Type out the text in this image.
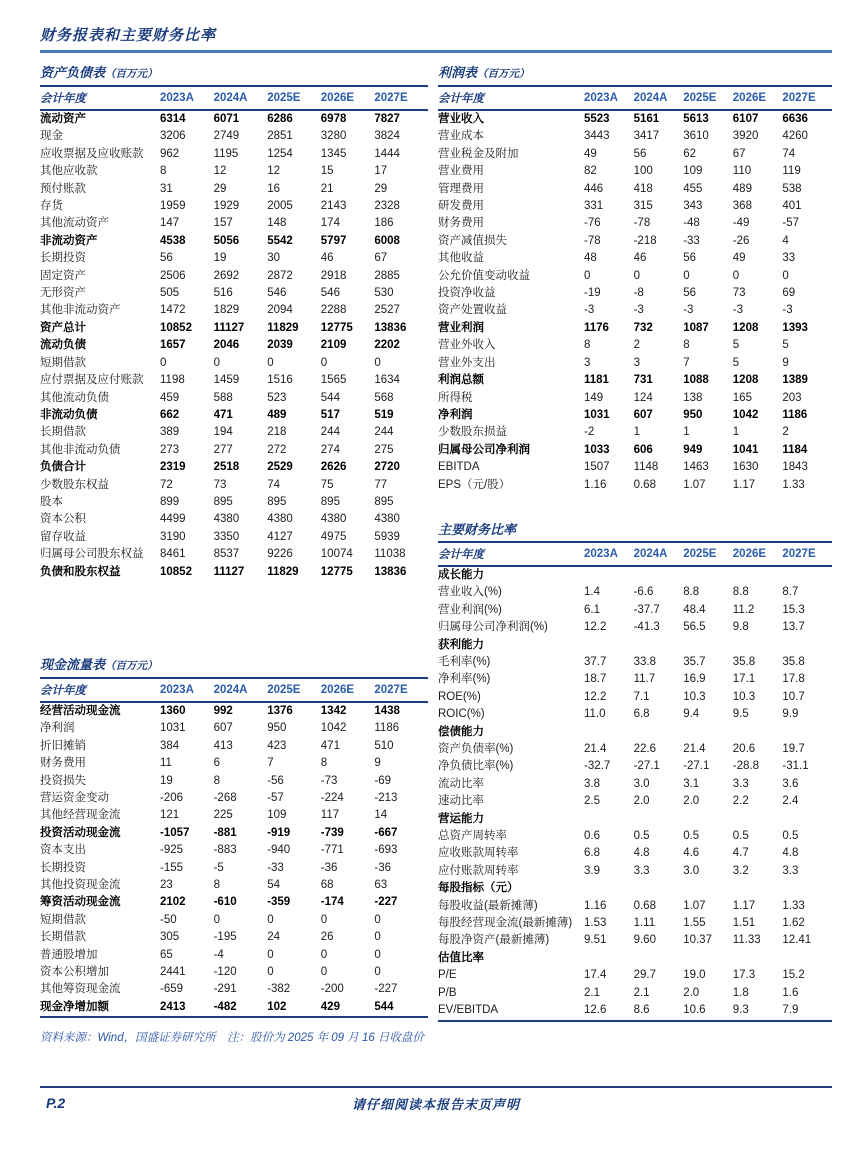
财务报表和主要财务比率
资产负债表（百万元）
会计年度	2023A	2024A	2025E	2026E	2027E
流动资产	6314	6071	6286	6978	7827
现金	3206	2749	2851	3280	3824
应收票据及应收账款	962	1195	1254	1345	1444
其他应收款	8	12	12	15	17
预付账款	31	29	16	21	29
存货	1959	1929	2005	2143	2328
其他流动资产	147	157	148	174	186
非流动资产	4538	5056	5542	5797	6008
长期投资	56	19	30	46	67
固定资产	2506	2692	2872	2918	2885
无形资产	505	516	546	546	530
其他非流动资产	1472	1829	2094	2288	2527
资产总计	10852	11127	11829	12775	13836
流动负债	1657	2046	2039	2109	2202
短期借款	0	0	0	0	0
应付票据及应付账款	1198	1459	1516	1565	1634
其他流动负债	459	588	523	544	568
非流动负债	662	471	489	517	519
长期借款	389	194	218	244	244
其他非流动负债	273	277	272	274	275
负债合计	2319	2518	2529	2626	2720
少数股东权益	72	73	74	75	77
股本	899	895	895	895	895
资本公积	4499	4380	4380	4380	4380
留存收益	3190	3350	4127	4975	5939
归属母公司股东权益	8461	8537	9226	10074	11038
负债和股东权益	10852	11127	11829	12775	13836
现金流量表（百万元）
会计年度	2023A	2024A	2025E	2026E	2027E
经营活动现金流	1360	992	1376	1342	1438
净利润	1031	607	950	1042	1186
折旧摊销	384	413	423	471	510
财务费用	11	6	7	8	9
投资损失	19	8	-56	-73	-69
营运资金变动	-206	-268	-57	-224	-213
其他经营现金流	121	225	109	117	14
投资活动现金流	-1057	-881	-919	-739	-667
资本支出	-925	-883	-940	-771	-693
长期投资	-155	-5	-33	-36	-36
其他投资现金流	23	8	54	68	63
筹资活动现金流	2102	-610	-359	-174	-227
短期借款	-50	0	0	0	0
长期借款	305	-195	24	26	0
普通股增加	65	-4	0	0	0
资本公积增加	2441	-120	0	0	0
其他筹资现金流	-659	-291	-382	-200	-227
现金净增加额	2413	-482	102	429	544
利润表（百万元）
会计年度	2023A	2024A	2025E	2026E	2027E
营业收入	5523	5161	5613	6107	6636
营业成本	3443	3417	3610	3920	4260
营业税金及附加	49	56	62	67	74
营业费用	82	100	109	110	119
管理费用	446	418	455	489	538
研发费用	331	315	343	368	401
财务费用	-76	-78	-48	-49	-57
资产减值损失	-78	-218	-33	-26	4
其他收益	48	46	56	49	33
公允价值变动收益	0	0	0	0	0
投资净收益	-19	-8	56	73	69
资产处置收益	-3	-3	-3	-3	-3
营业利润	1176	732	1087	1208	1393
营业外收入	8	2	8	5	5
营业外支出	3	3	7	5	9
利润总额	1181	731	1088	1208	1389
所得税	149	124	138	165	203
净利润	1031	607	950	1042	1186
少数股东损益	-2	1	1	1	2
归属母公司净利润	1033	606	949	1041	1184
EBITDA	1507	1148	1463	1630	1843
EPS（元/股）	1.16	0.68	1.07	1.17	1.33
主要财务比率
会计年度	2023A	2024A	2025E	2026E	2027E
成长能力					
营业收入(%)	1.4	-6.6	8.8	8.8	8.7
营业利润(%)	6.1	-37.7	48.4	11.2	15.3
归属母公司净利润(%)	12.2	-41.3	56.5	9.8	13.7
获利能力					
毛利率(%)	37.7	33.8	35.7	35.8	35.8
净利率(%)	18.7	11.7	16.9	17.1	17.8
ROE(%)	12.2	7.1	10.3	10.3	10.7
ROIC(%)	11.0	6.8	9.4	9.5	9.9
偿债能力					
资产负债率(%)	21.4	22.6	21.4	20.6	19.7
净负债比率(%)	-32.7	-27.1	-27.1	-28.8	-31.1
流动比率	3.8	3.0	3.1	3.3	3.6
速动比率	2.5	2.0	2.0	2.2	2.4
营运能力					
总资产周转率	0.6	0.5	0.5	0.5	0.5
应收账款周转率	6.8	4.8	4.6	4.7	4.8
应付账款周转率	3.9	3.3	3.0	3.2	3.3
每股指标（元）					
每股收益(最新摊薄)	1.16	0.68	1.07	1.17	1.33
每股经营现金流(最新摊薄)	1.53	1.11	1.55	1.51	1.62
每股净资产(最新摊薄)	9.51	9.60	10.37	11.33	12.41
估值比率					
P/E	17.4	29.7	19.0	17.3	15.2
P/B	2.1	2.1	2.0	1.8	1.6
EV/EBITDA	12.6	8.6	10.6	9.3	7.9
资料来源：Wind，国盛证券研究所　注：股价为 2025 年 09 月 16 日收盘价
P.2	请仔细阅读本报告末页声明
